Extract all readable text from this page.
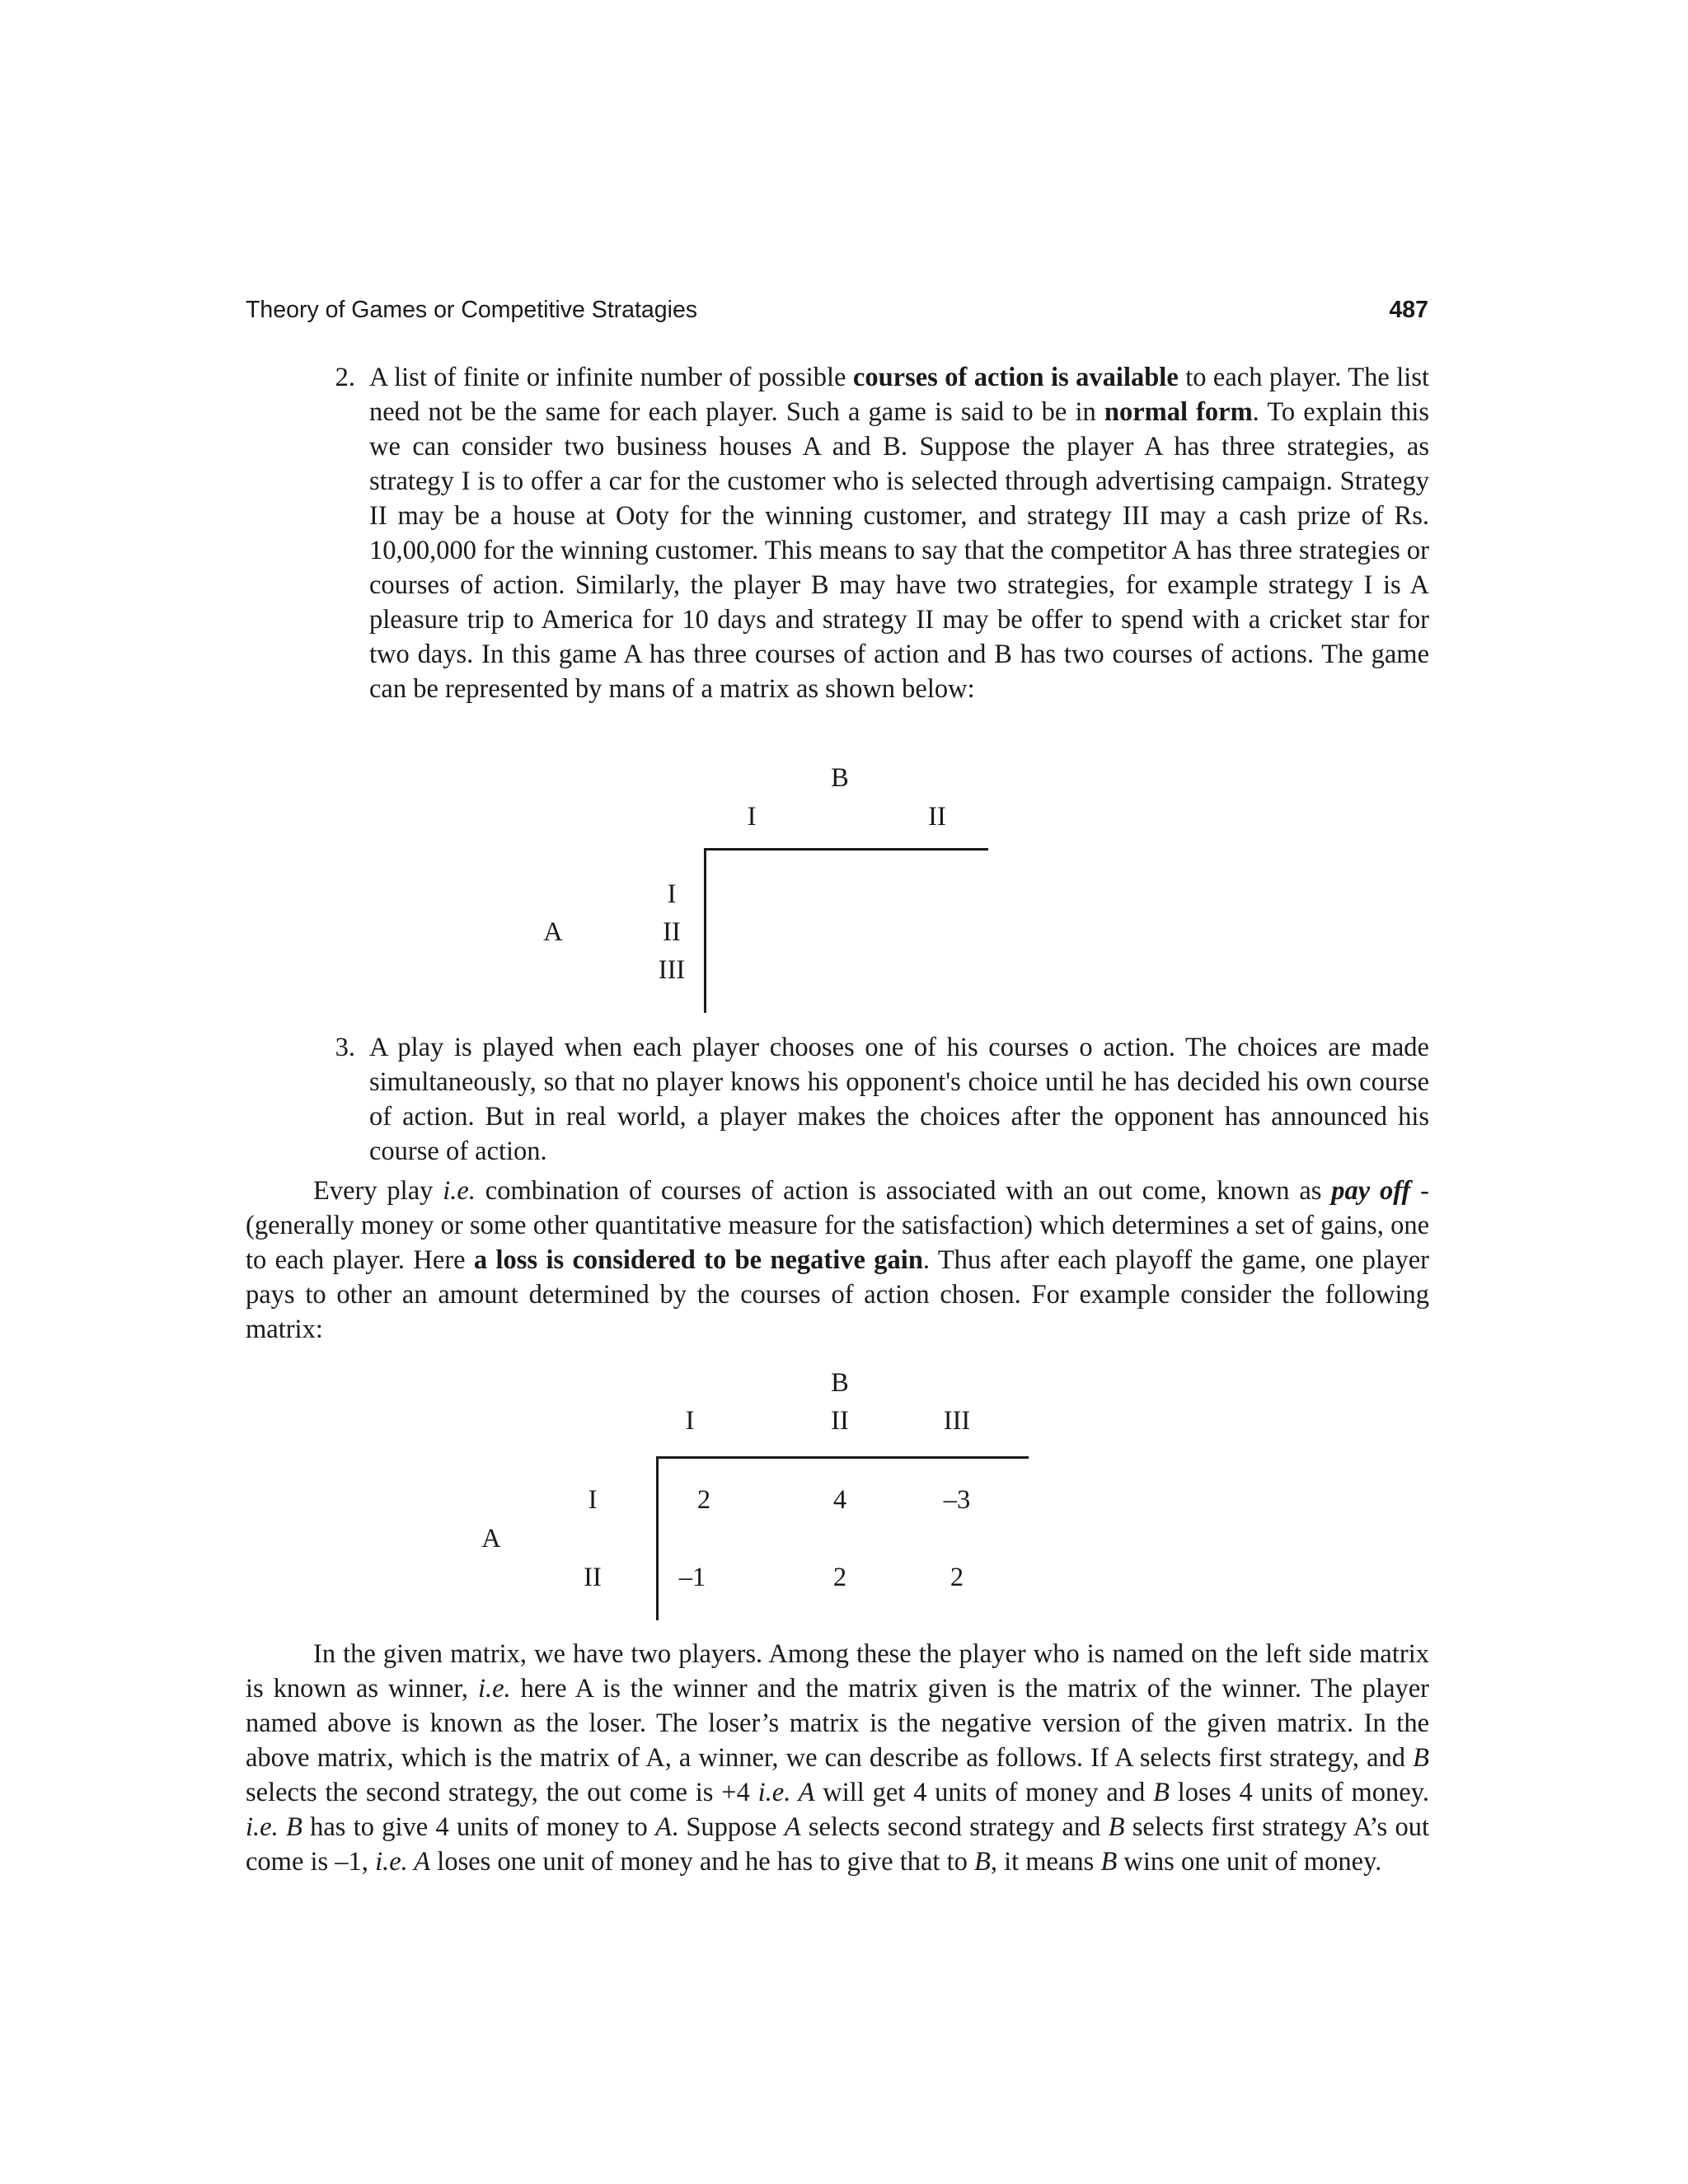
Theory of Games or Competitive Stratagies	487
2. A list of finite or infinite number of possible courses of action is available to each player. The list need not be the same for each player. Such a game is said to be in normal form. To explain this we can consider two business houses A and B. Suppose the player A has three strategies, as strategy I is to offer a car for the customer who is selected through advertising campaign. Strategy II may be a house at Ooty for the winning customer, and strategy III may a cash prize of Rs. 10,00,000 for the winning customer. This means to say that the competitor A has three strategies or courses of action. Similarly, the player B may have two strategies, for example strategy I is A pleasure trip to America for 10 days and strategy II may be offer to spend with a cricket star for two days. In this game A has three courses of action and B has two courses of actions. The game can be represented by mans of a matrix as shown below:
B
I	II
I
A	II
III
3. A play is played when each player chooses one of his courses o action. The choices are made simultaneously, so that no player knows his opponent's choice until he has decided his own course of action. But in real world, a player makes the choices after the opponent has announced his course of action.
Every play i.e. combination of courses of action is associated with an out come, known as pay off - (generally money or some other quantitative measure for the satisfaction) which determines a set of gains, one to each player. Here a loss is considered to be negative gain. Thus after each playoff the game, one player pays to other an amount determined by the courses of action chosen. For example consider the following matrix:
B
I	II	III
I	2	4	–3
A
II	–1	2	2
In the given matrix, we have two players. Among these the player who is named on the left side matrix is known as winner, i.e. here A is the winner and the matrix given is the matrix of the winner. The player named above is known as the loser. The loser’s matrix is the negative version of the given matrix. In the above matrix, which is the matrix of A, a winner, we can describe as follows. If A selects first strategy, and B selects the second strategy, the out come is +4 i.e. A will get 4 units of money and B loses 4 units of money. i.e. B has to give 4 units of money to A. Suppose A selects second strategy and B selects first strategy A’s out come is –1, i.e. A loses one unit of money and he has to give that to B, it means B wins one unit of money.
